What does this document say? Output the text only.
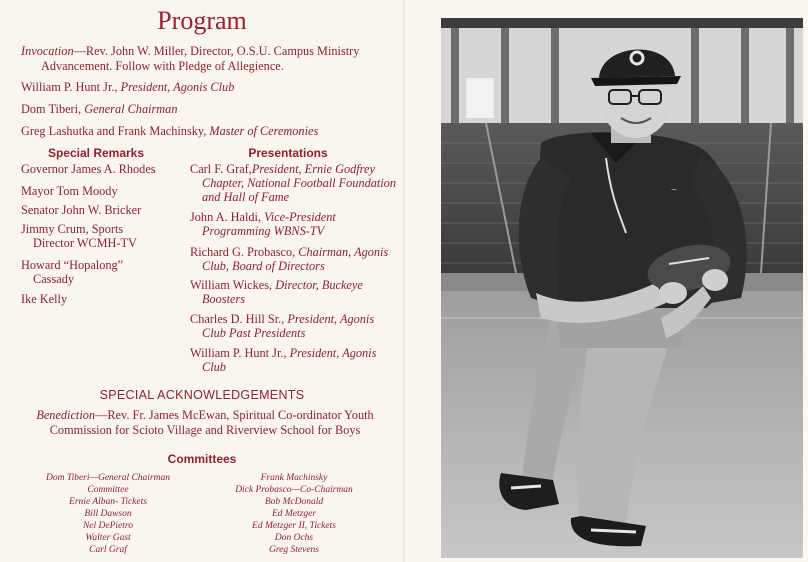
Program
Invocation—Rev. John W. Miller, Director, O.S.U. Campus Ministry Advancement. Follow with Pledge of Allegience.
William P. Hunt Jr., President, Agonis Club
Dom Tiberi, General Chairman
Greg Lashutka and Frank Machinsky, Master of Ceremonies
Special Remarks
Governor James A. Rhodes
Mayor Tom Moody
Senator John W. Bricker
Jimmy Crum, Sports Director WCMH-TV
Howard “Hopalong” Cassady
Ike Kelly
Presentations
Carl F. Graf,President, Ernie Godfrey Chapter, National Football Foundation and Hall of Fame
John A. Haldi, Vice-President Programming WBNS-TV
Richard G. Probasco, Chairman, Agonis Club, Board of Directors
William Wickes, Director, Buckeye Boosters
Charles D. Hill Sr., President, Agonis Club Past Presidents
William P. Hunt Jr., President, Agonis Club
SPECIAL ACKNOWLEDGEMENTS
Benediction—Rev. Fr. James McEwan, Spiritual Co-ordinator Youth Commission for Scioto Village and Riverview School for Boys
Committees
Dom Tiberi—General Chairman
Committee
Ernie Alban- Tickets
Bill Dawson
Nel DePietro
Walter Gast
Carl Graf
Frank Machinsky
Dick Probasco—Co-Chairman
Bob McDonald
Ed Metzger
Ed Metzger II, Tickets
Don Ochs
Greg Stevens
~
